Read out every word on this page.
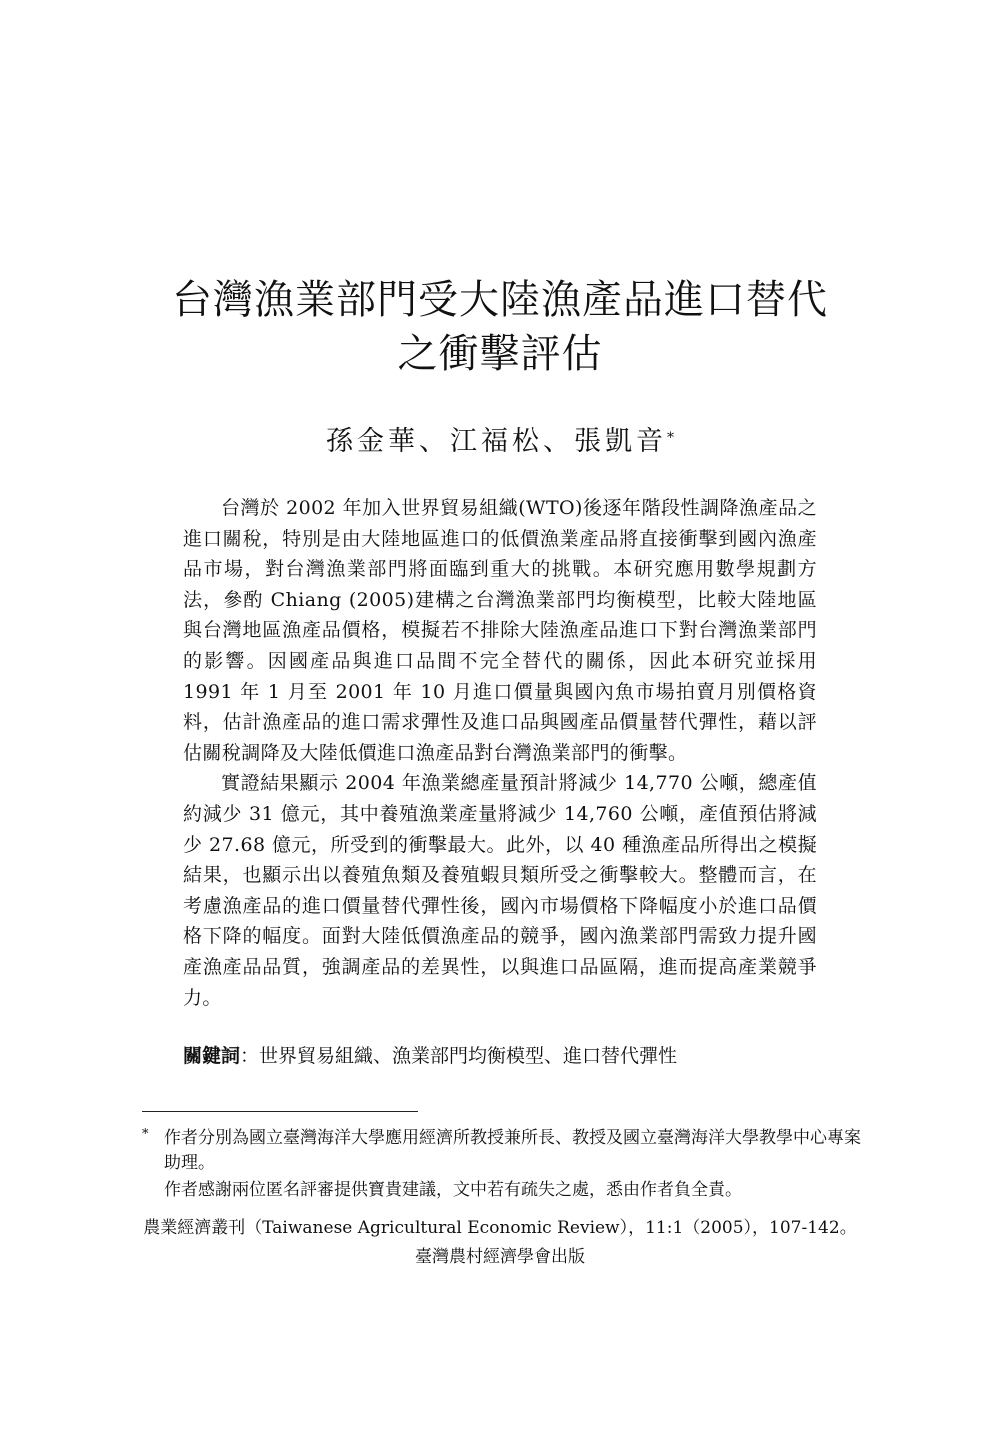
台灣漁業部門受大陸漁產品進口替代
之衝擊評估
孫金華、江福松、張凱音*

台灣於 2002 年加入世界貿易組織(WTO)後逐年階段性調降漁產品之進口關稅，特別是由大陸地區進口的低價漁業產品將直接衝擊到國內漁產品市場，對台灣漁業部門將面臨到重大的挑戰。本研究應用數學規劃方法，參酌 Chiang (2005)建構之台灣漁業部門均衡模型，比較大陸地區與台灣地區漁產品價格，模擬若不排除大陸漁產品進口下對台灣漁業部門的影響。因國產品與進口品間不完全替代的關係，因此本研究並採用 1991 年 1 月至 2001 年 10 月進口價量與國內魚市場拍賣月別價格資料，估計漁產品的進口需求彈性及進口品與國產品價量替代彈性，藉以評估關稅調降及大陸低價進口漁產品對台灣漁業部門的衝擊。

實證結果顯示 2004 年漁業總產量預計將減少 14,770 公噸，總產值約減少 31 億元，其中養殖漁業產量將減少 14,760 公噸，產值預估將減少 27.68 億元，所受到的衝擊最大。此外，以 40 種漁產品所得出之模擬結果，也顯示出以養殖魚類及養殖蝦貝類所受之衝擊較大。整體而言，在考慮漁產品的進口價量替代彈性後，國內市場價格下降幅度小於進口品價格下降的幅度。面對大陸低價漁產品的競爭，國內漁業部門需致力提升國產漁產品品質，強調產品的差異性，以與進口品區隔，進而提高產業競爭力。

關鍵詞：世界貿易組織、漁業部門均衡模型、進口替代彈性
* 作者分別為國立臺灣海洋大學應用經濟所教授兼所長、教授及國立臺灣海洋大學教學中心專案助理。
作者感謝兩位匿名評審提供寶貴建議，文中若有疏失之處，悉由作者負全責。
農業經濟叢刊（Taiwanese Agricultural Economic Review），11:1（2005），107-142。
臺灣農村經濟學會出版
